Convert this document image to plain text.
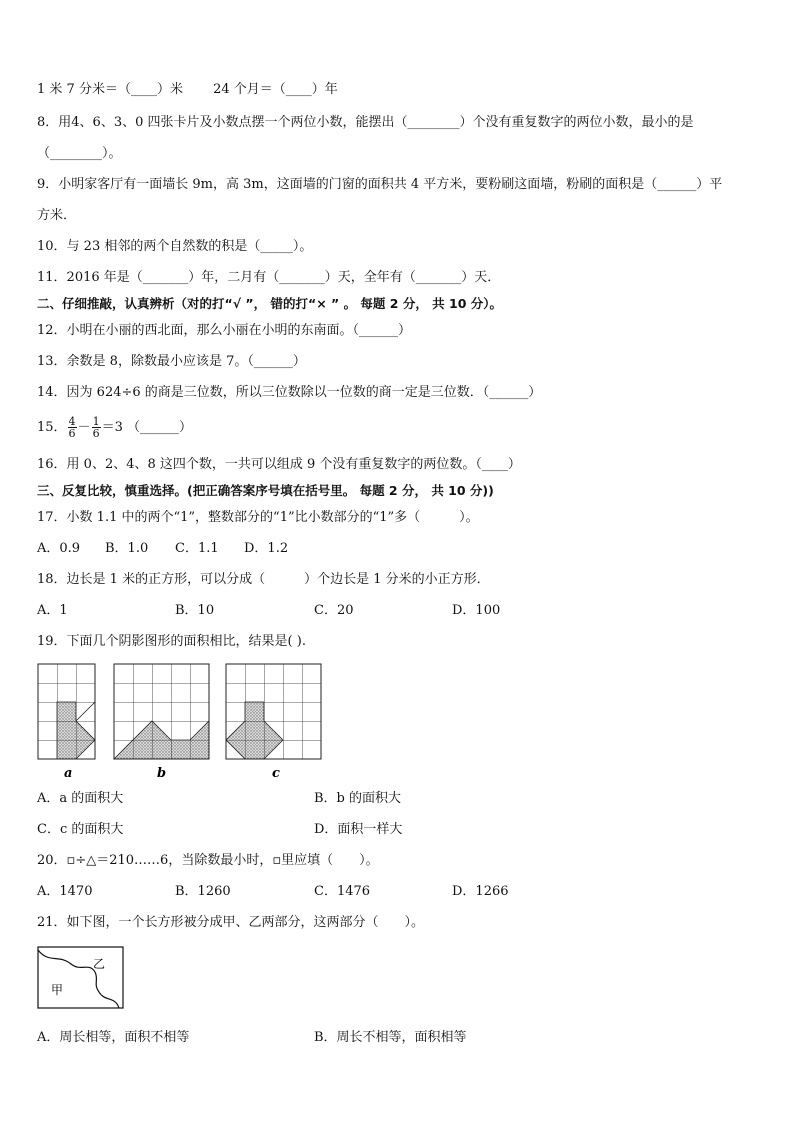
1 米 7 分米＝（____）米 　　24 个月＝（____）年
8．用4、6、3、0 四张卡片及小数点摆一个两位小数，能摆出（________）个没有重复数字的两位小数，最小的是
（________）。
9．小明家客厅有一面墙长 9m，高 3m，这面墙的门窗的面积共 4 平方米，要粉刷这面墙，粉刷的面积是（______）平
方米．
10．与 23 相邻的两个自然数的积是（_____）。
11．2016 年是（_______）年，二月有（_______）天，全年有（_______）天．
二、仔细推敲，认真辨析（对的打“√ ”， 错的打“× ” 。 每题 2 分， 共 10 分）。
12．小明在小丽的西北面，那么小丽在小明的东南面。（______）
13．余数是 8，除数最小应该是 7。（______）
14．因为 624÷6 的商是三位数，所以三位数除以一位数的商一定是三位数．（______）
15． $\frac{4}{6} - \frac{1}{6} =3$ （______）
16．用 0、2、4、8 这四个数，一共可以组成 9 个没有重复数字的两位数。（____）
三、反复比较，慎重选择。(把正确答案序号填在括号里。 每题 2 分， 共 10 分))
17．小数 1.1 中的两个“1”，整数部分的“1”比小数部分的“1”多（　　　）。
A．0.9 B．1.0 C．1.1 D．1.2
18．边长是 1 米的正方形，可以分成（　　　）个边长是 1 分米的小正方形．
A．1	B．10	C．20	D．100
19．下面几个阴影图形的面积相比，结果是( ).
a	b	c
A．a 的面积大	B．b 的面积大
C．c 的面积大	D．面积一样大
20．▫÷△＝210……6，当除数最小时，▫里应填（　　）。
A．1470	B．1260	C．1476	D．1266
21．如下图，一个长方形被分成甲、乙两部分，这两部分（　　）。
乙
甲
A．周长相等，面积不相等	B．周长不相等，面积相等
